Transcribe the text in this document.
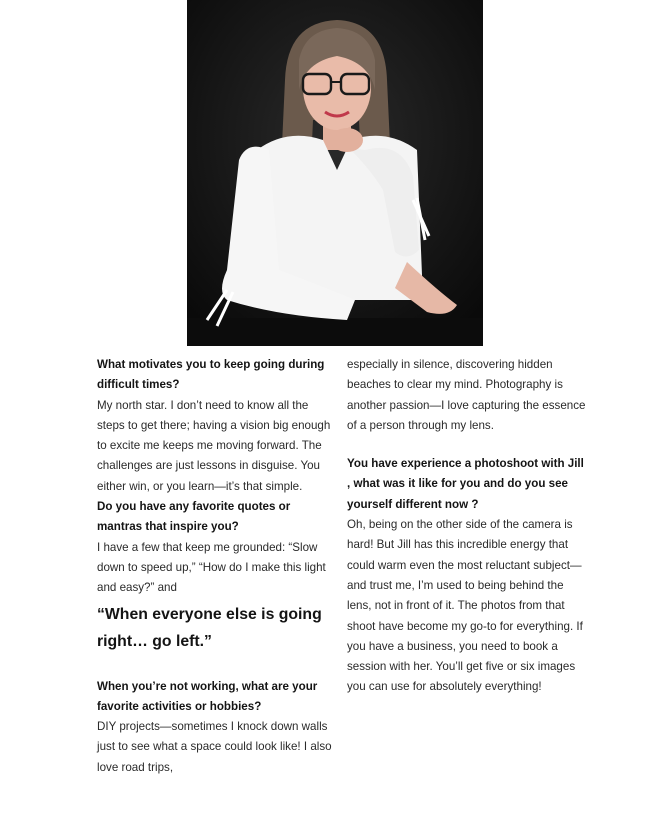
What motivates you to keep going during difficult times?

My north star. I don’t need to know all the steps to get there; having a vision big enough to excite me keeps me moving forward. The challenges are just lessons in disguise. You either win, or you learn—it’s that simple.

Do you have any favorite quotes or mantras that inspire you?

I have a few that keep me grounded: “Slow down to speed up,” “How do I make this light and easy?” and

“When everyone else is going right… go left.”

When you’re not working, what are your favorite activities or hobbies?

DIY projects—sometimes I knock down walls just to see what a space could look like! I also love road trips,

especially in silence, discovering hidden beaches to clear my mind. Photography is another passion—I love capturing the essence of a person through my lens.

You have experience a photoshoot with Jill , what was it like for you and do you see yourself different now ?

Oh, being on the other side of the camera is hard! But Jill has this incredible energy that could warm even the most reluctant subject—and trust me, I’m used to being behind the lens, not in front of it. The photos from that shoot have become my go-to for everything. If you have a business, you need to book a session with her. You’ll get five or six images you can use for absolutely everything!
